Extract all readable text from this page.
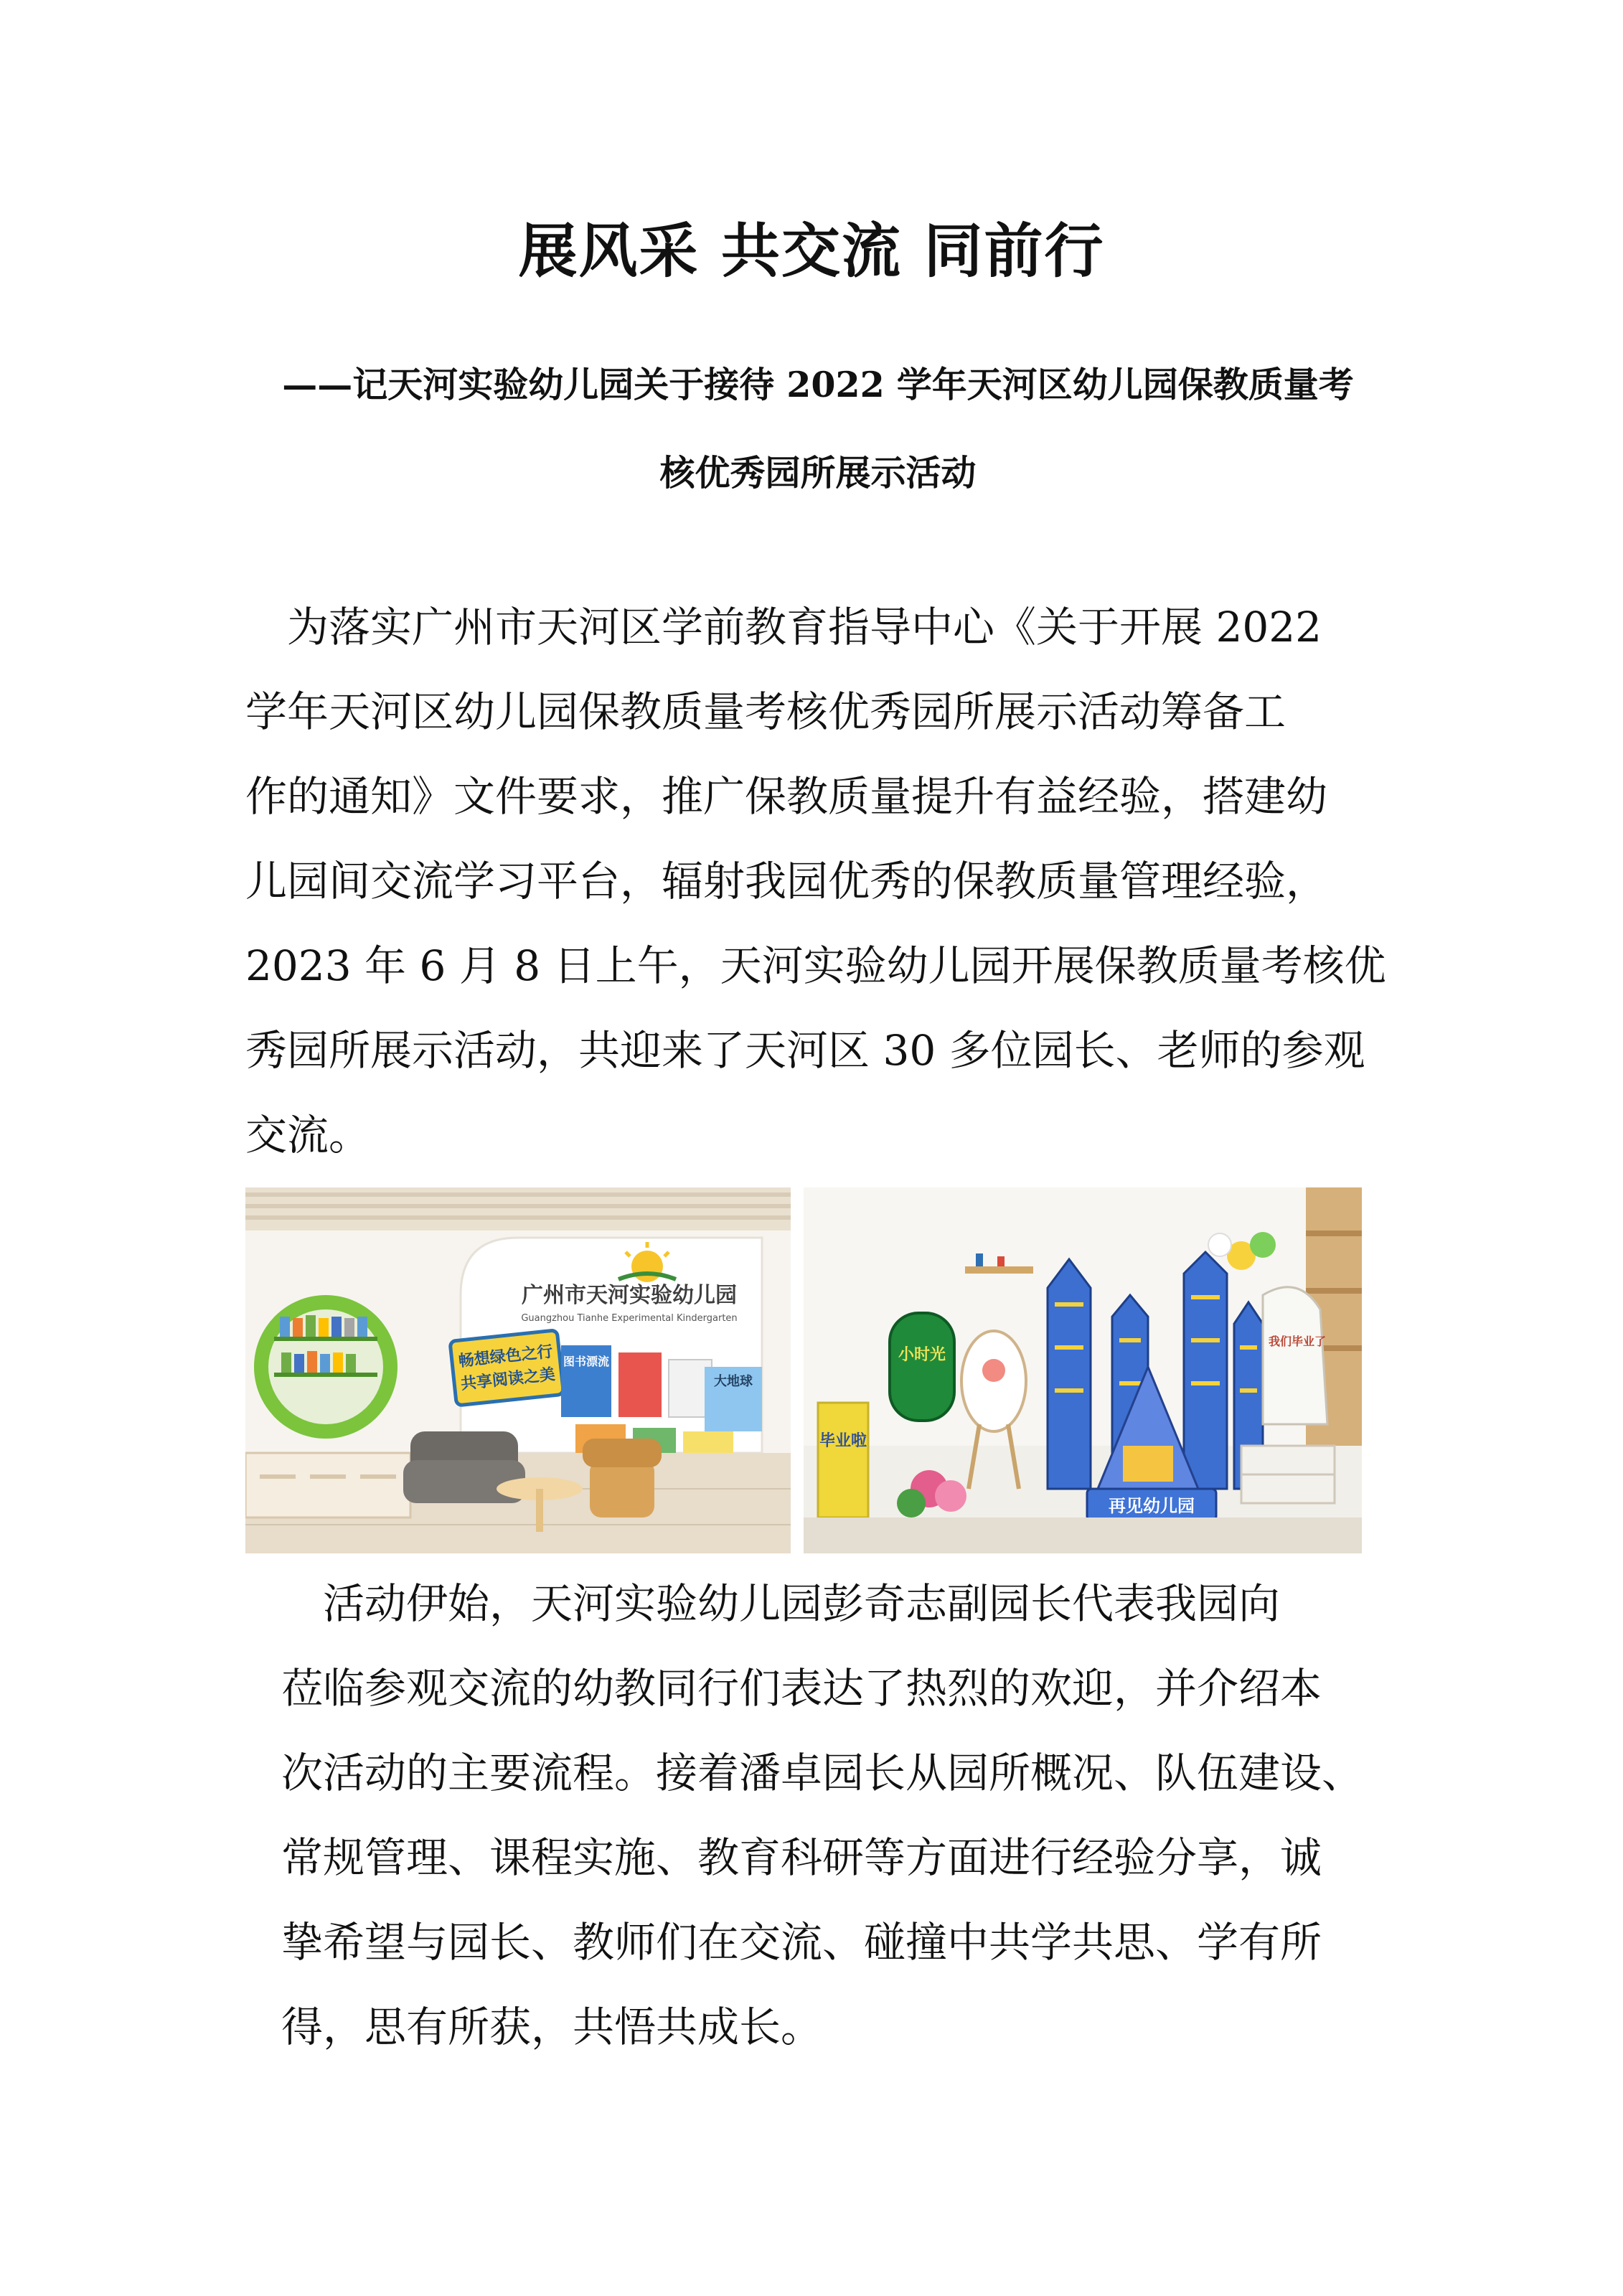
展风采 共交流 同前行
——记天河实验幼儿园关于接待 2022 学年天河区幼儿园保教质量考
核优秀园所展示活动

　为落实广州市天河区学前教育指导中心《关于开展 2022
学年天河区幼儿园保教质量考核优秀园所展示活动筹备工
作的通知》文件要求，推广保教质量提升有益经验，搭建幼
儿园间交流学习平台，辐射我园优秀的保教质量管理经验，
2023 年 6 月 8 日上午，天河实验幼儿园开展保教质量考核优
秀园所展示活动，共迎来了天河区 30 多位园长、老师的参观
交流。

广州市天河实验幼儿园
Guangzhou Tianhe Experimental Kindergarten
畅想绿色之行
共享阅读之美
图书漂流
大地球
再见幼儿园
小时光
毕业啦
我们毕业了

　活动伊始，天河实验幼儿园彭奇志副园长代表我园向
莅临参观交流的幼教同行们表达了热烈的欢迎，并介绍本
次活动的主要流程。接着潘卓园长从园所概况、队伍建设、
常规管理、课程实施、教育科研等方面进行经验分享，诚
挚希望与园长、教师们在交流、碰撞中共学共思、学有所
得，思有所获，共悟共成长。
